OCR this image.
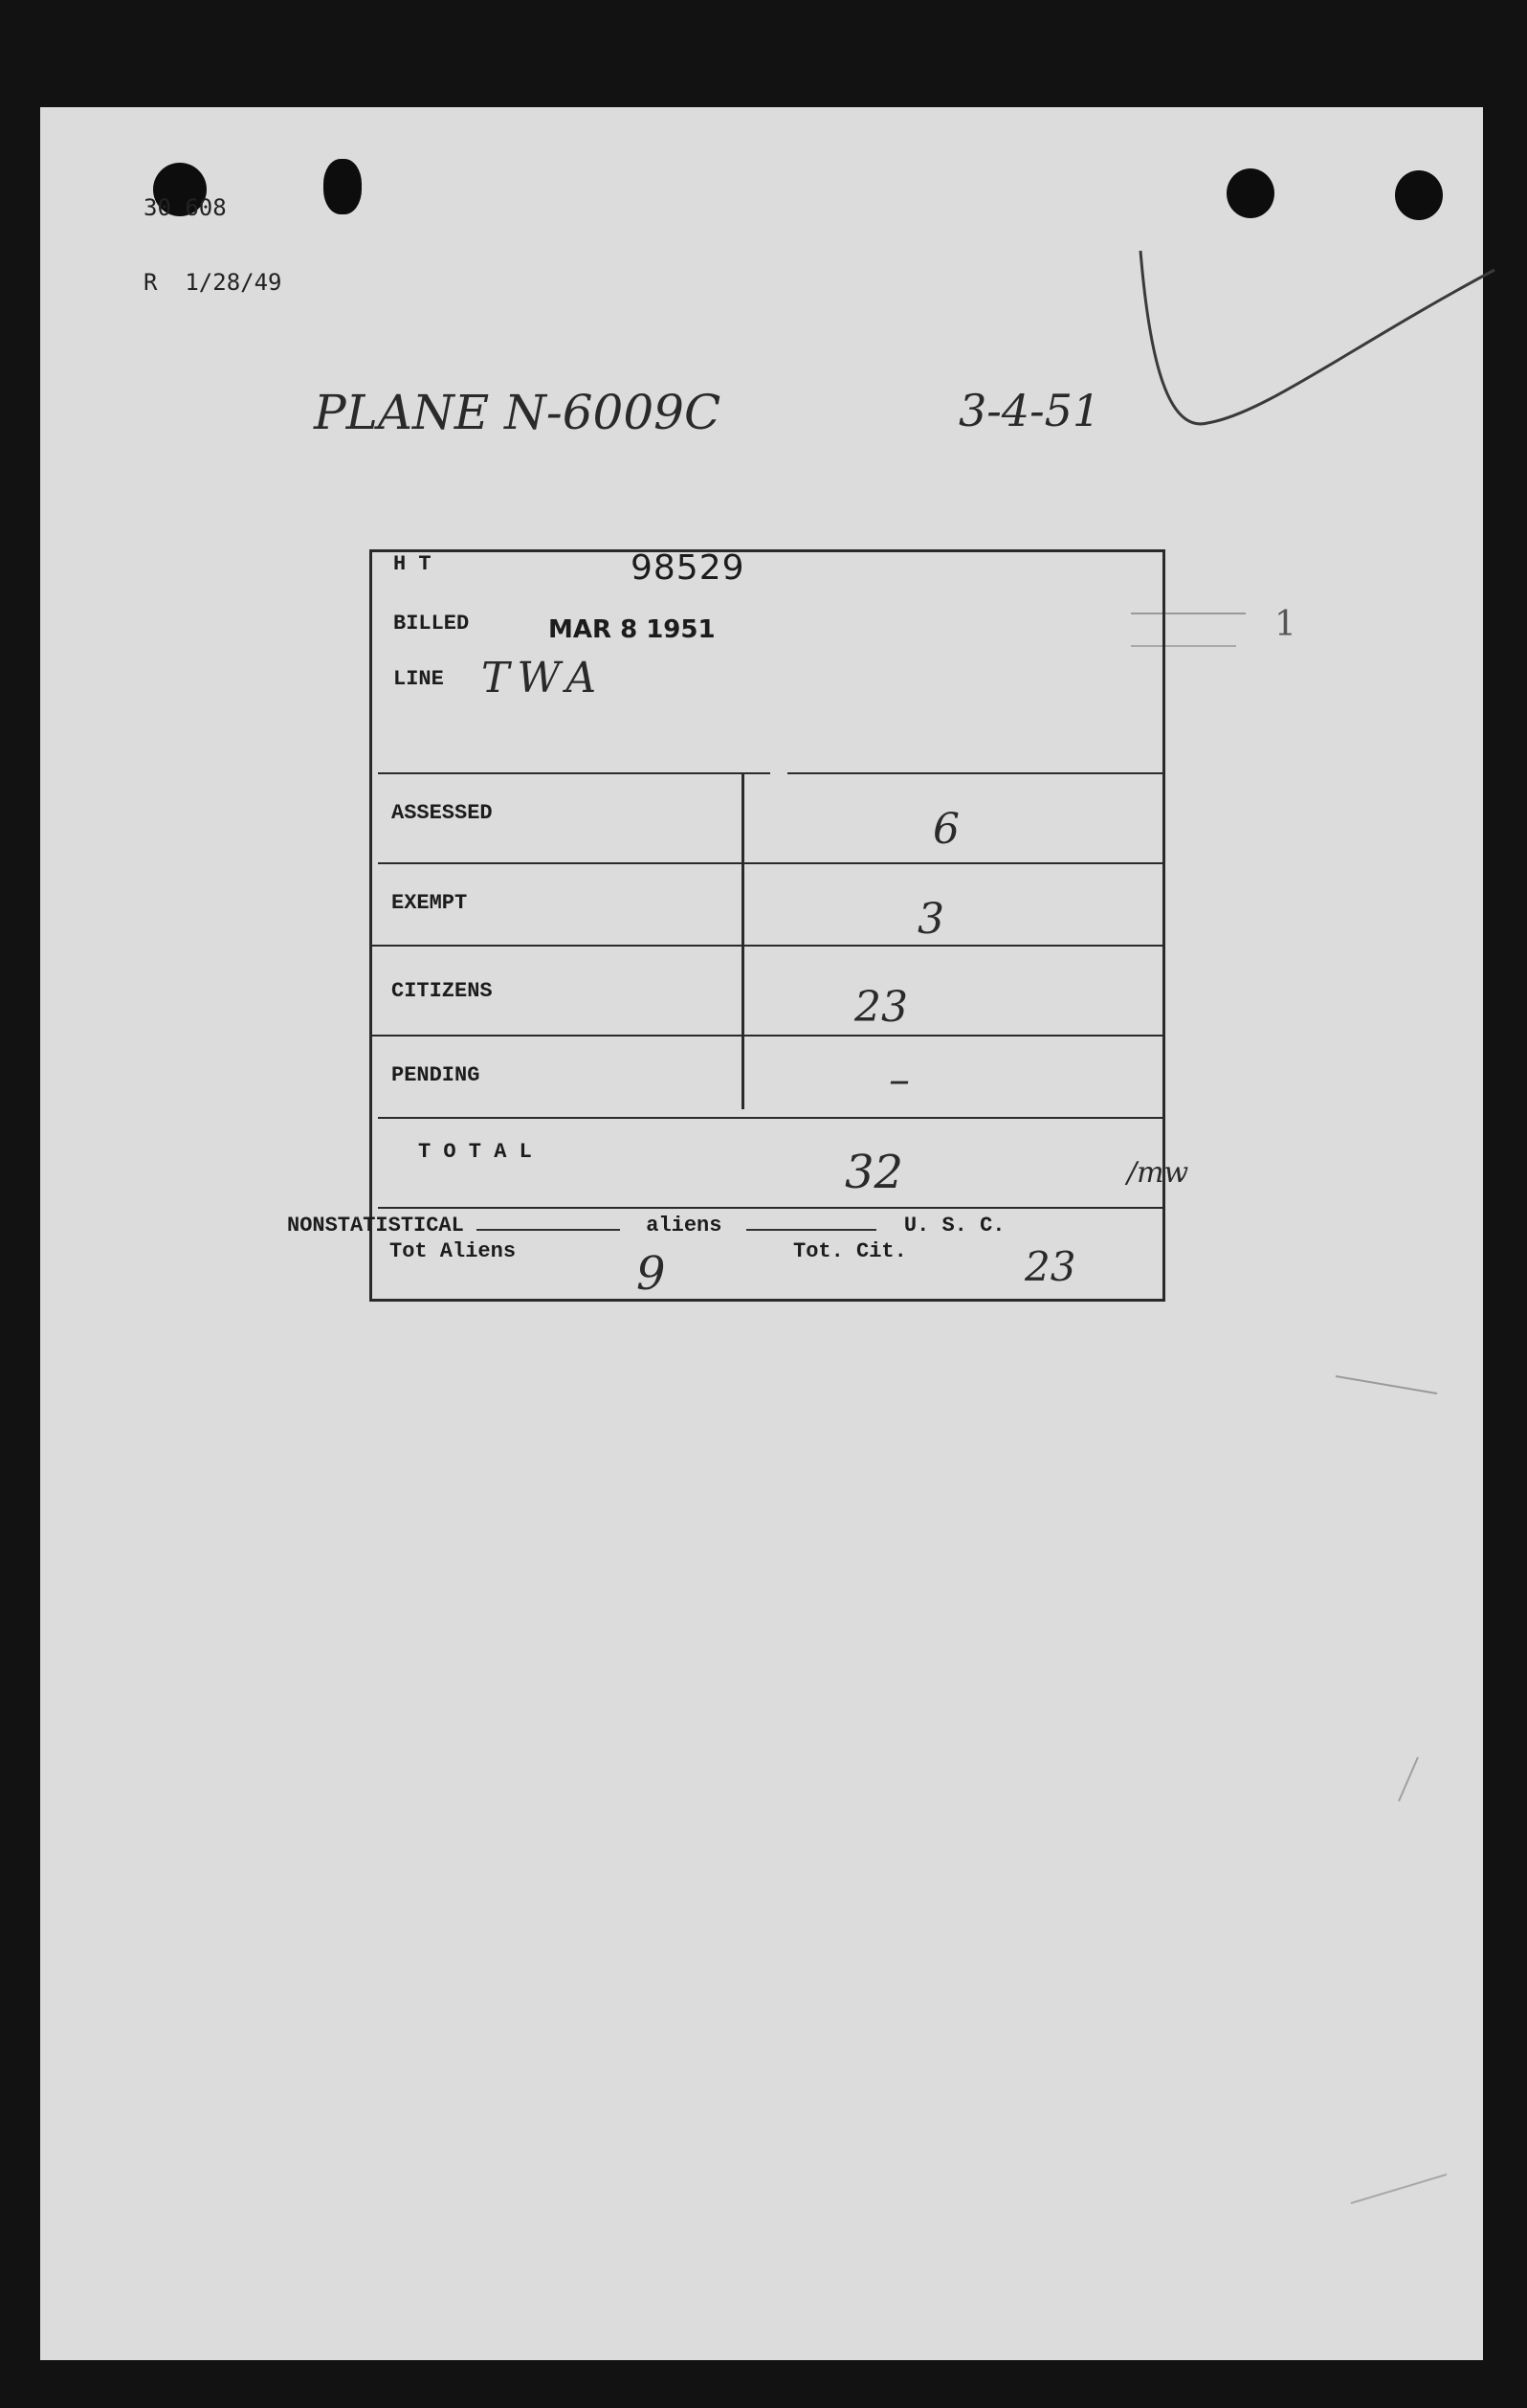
30 608

R  1/28/49

PLANE N-6009C	3-4-51
1
H T	98529
BILLED	MAR 8 1951
LINE TWA
ASSESSED	6
EXEMPT	3
CITIZENS	23
PENDING	–
T O T A L	32
Tot Aliens	9	Tot. Cit.	23
/mw
NONSTATISTICAL	aliens	U. S. C.
